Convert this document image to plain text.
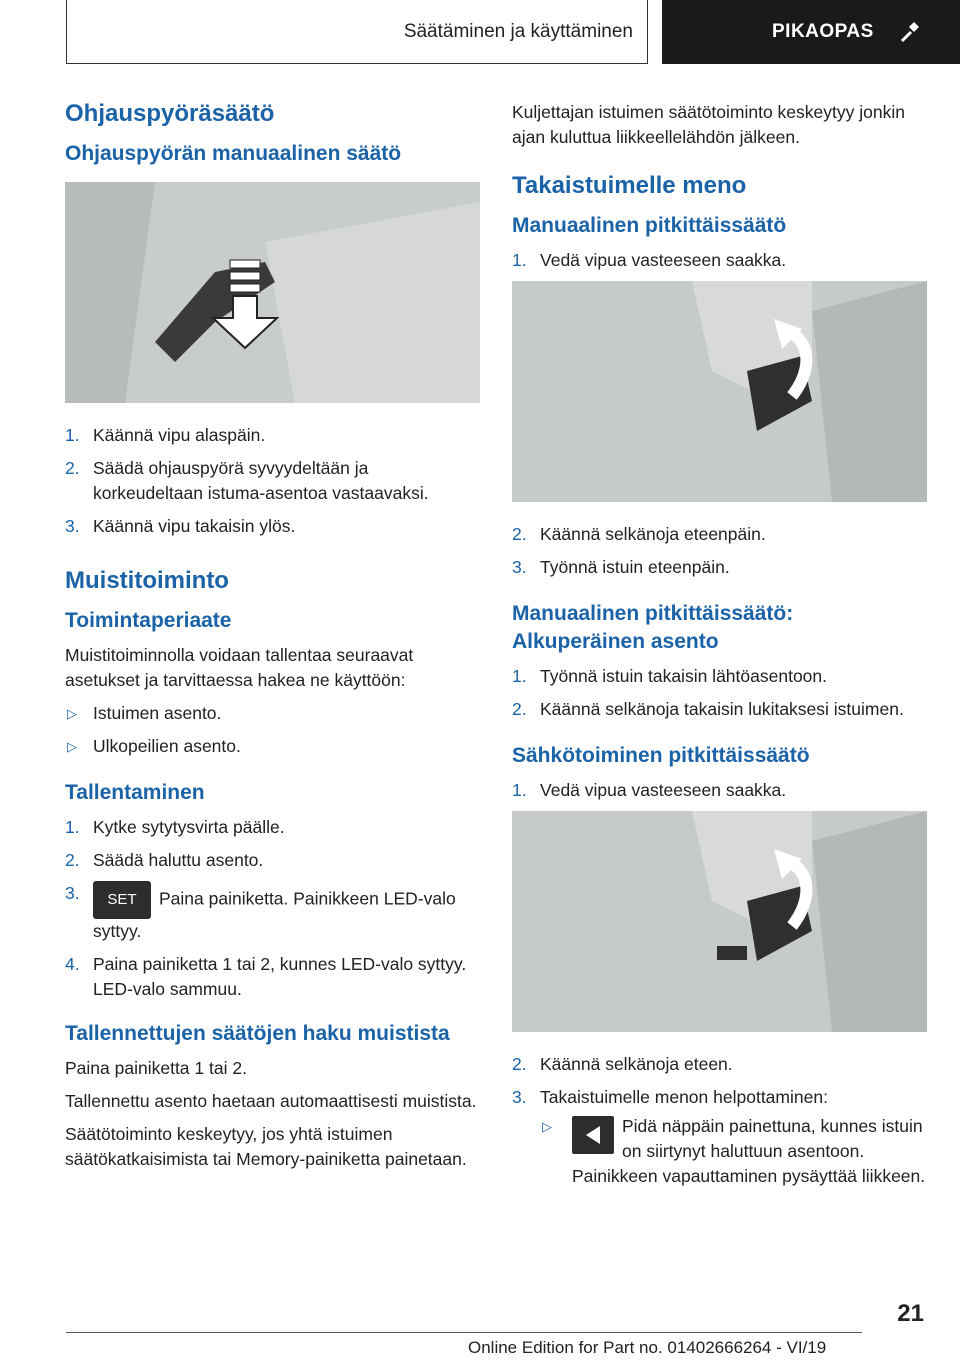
Säätäminen ja käyttäminen	PIKAOPAS
Ohjauspyöräsäätö
Ohjauspyörän manuaalinen säätö
1. Käännä vipu alaspäin.
2. Säädä ohjauspyörä syvyydeltään ja korkeudeltaan istuma-asentoa vastaavaksi.
3. Käännä vipu takaisin ylös.
Muistitoiminto
Toimintaperiaate

Muistitoiminnolla voidaan tallentaa seuraavat asetukset ja tarvittaessa hakea ne käyttöön:

▷ Istuimen asento.
▷ Ulkopeilien asento.
Tallentaminen
1. Kytke sytytysvirta päälle.
2. Säädä haluttu asento.
3. SET Paina painiketta. Painikkeen LED-valo syttyy.
4. Paina painiketta 1 tai 2, kunnes LED-valo syttyy. LED-valo sammuu.
Tallennettujen säätöjen haku muistista

Paina painiketta 1 tai 2.

Tallennettu asento haetaan automaattisesti muistista.

Säätötoiminto keskeytyy, jos yhtä istuimen säätökatkaisimista tai Memory-painiketta painetaan.

Kuljettajan istuimen säätötoiminto keskeytyy jonkin ajan kuluttua liikkeellelähdön jälkeen.

Takaistuimelle meno
Manuaalinen pitkittäissäätö
1. Vedä vipua vasteeseen saakka.
2. Käännä selkänoja eteenpäin.
3. Työnnä istuin eteenpäin.
Manuaalinen pitkittäissäätö: Alkuperäinen asento
1. Työnnä istuin takaisin lähtöasentoon.
2. Käännä selkänoja takaisin lukitaksesi istuimen.
Sähkötoiminen pitkittäissäätö
1. Vedä vipua vasteeseen saakka.
2. Käännä selkänoja eteen.
3. Takaistuimelle menon helpottaminen:
▷	Pidä näppäin painettuna, kunnes istuin on siirtynyt haluttuun asentoon.
Painikkeen vapauttaminen pysäyttää liikkeen.
21
Online Edition for Part no. 01402666264 - VI/19
